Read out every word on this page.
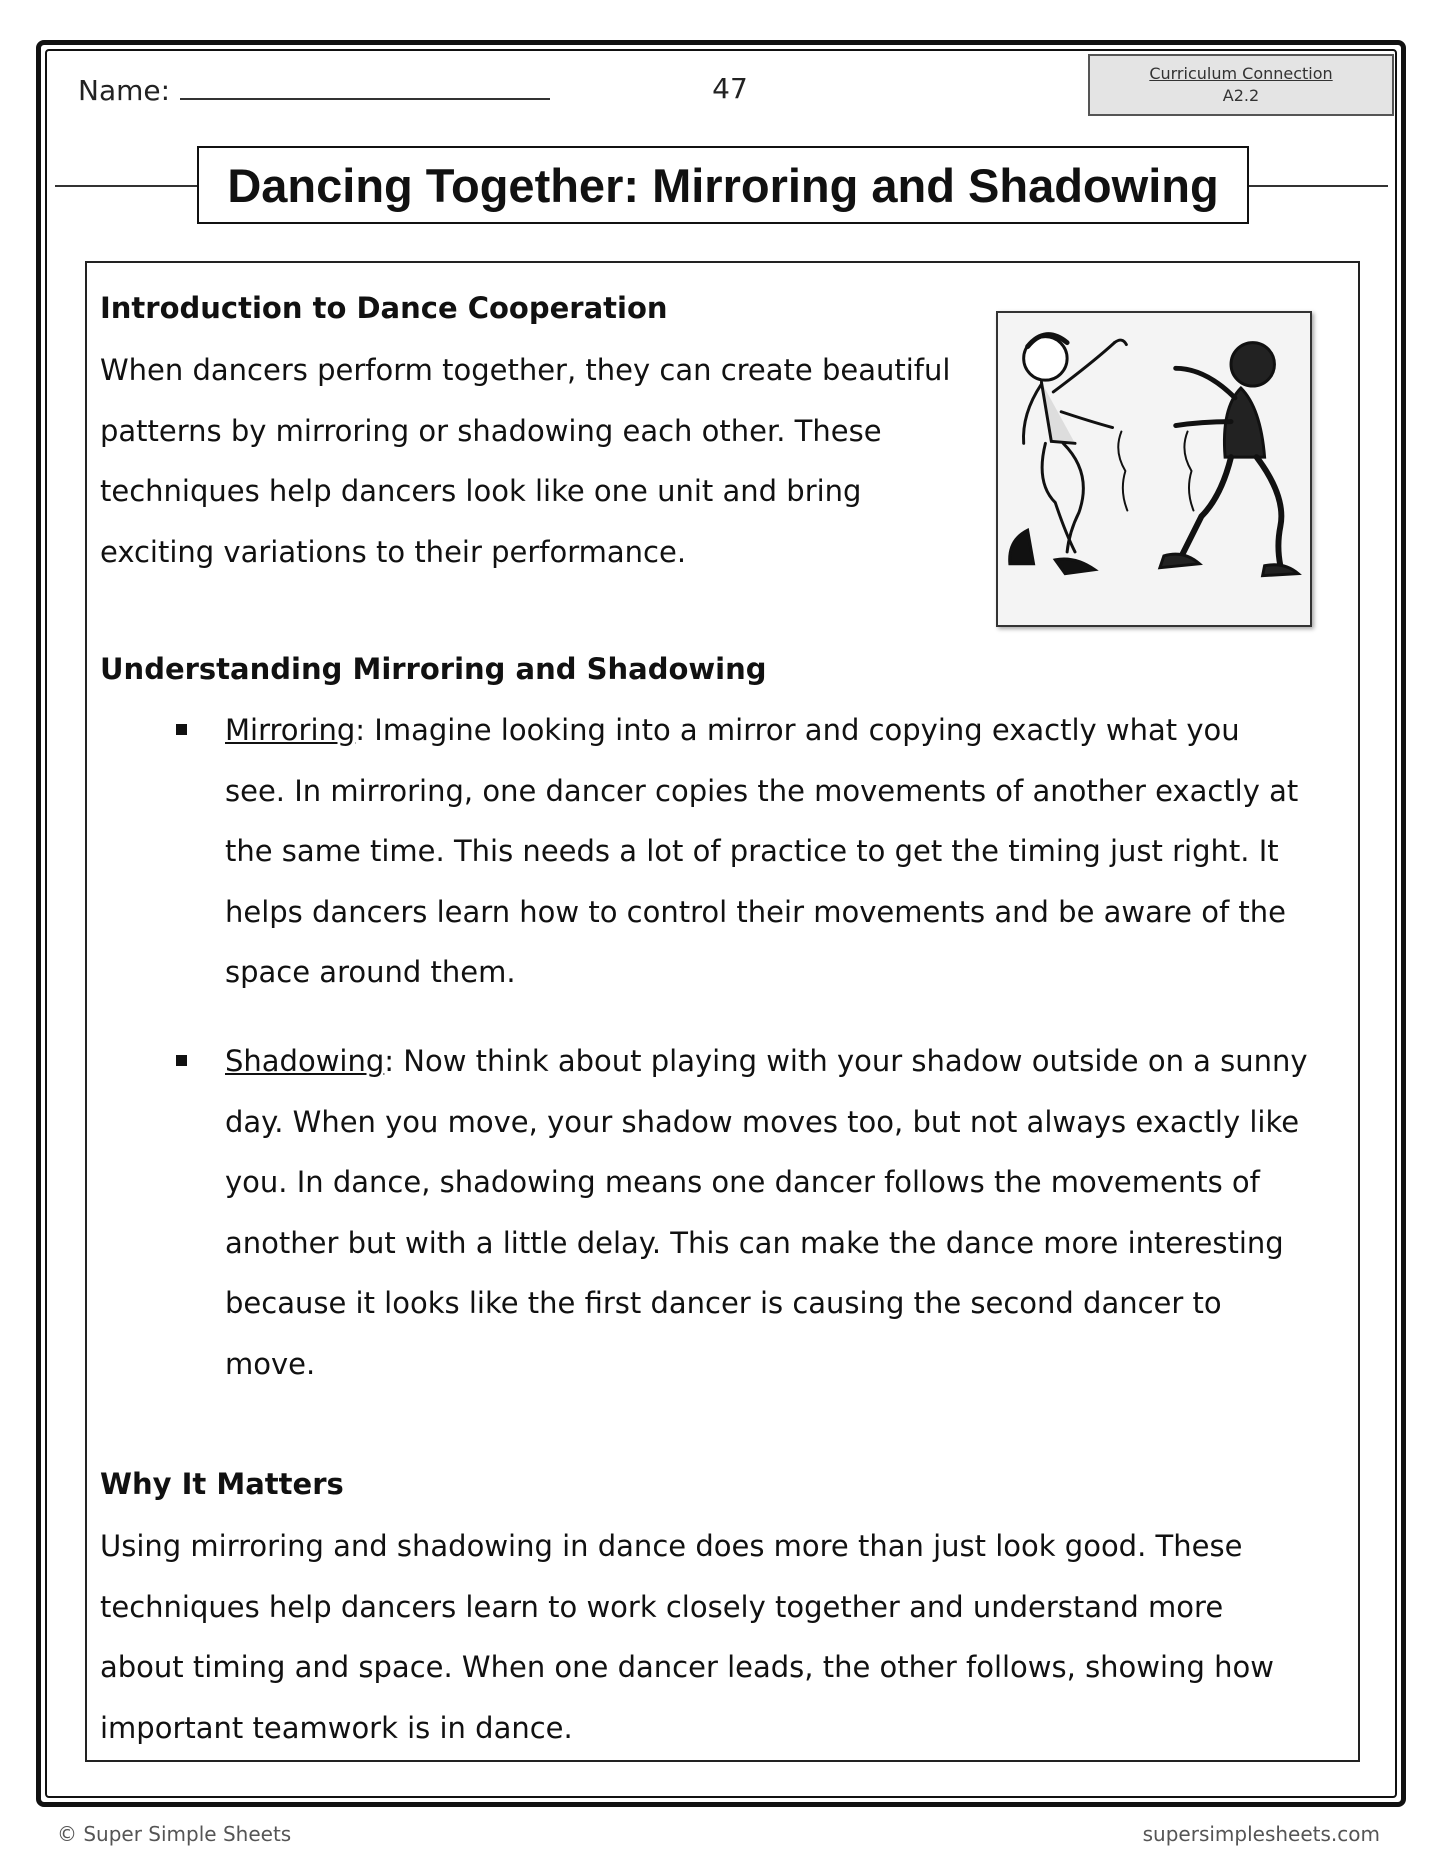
Name:	47	Curriculum Connection
A2.2
Dancing Together: Mirroring and Shadowing
Introduction to Dance Cooperation
When dancers perform together, they can create beautiful
patterns by mirroring or shadowing each other. These
techniques help dancers look like one unit and bring
exciting variations to their performance.
Understanding Mirroring and Shadowing
Mirroring: Imagine looking into a mirror and copying exactly what you
see. In mirroring, one dancer copies the movements of another exactly at
the same time. This needs a lot of practice to get the timing just right. It
helps dancers learn how to control their movements and be aware of the
space around them.
Shadowing: Now think about playing with your shadow outside on a sunny
day. When you move, your shadow moves too, but not always exactly like
you. In dance, shadowing means one dancer follows the movements of
another but with a little delay. This can make the dance more interesting
because it looks like the first dancer is causing the second dancer to
move.
Why It Matters
Using mirroring and shadowing in dance does more than just look good. These
techniques help dancers learn to work closely together and understand more
about timing and space. When one dancer leads, the other follows, showing how
important teamwork is in dance.
© Super Simple Sheets	supersimplesheets.com
